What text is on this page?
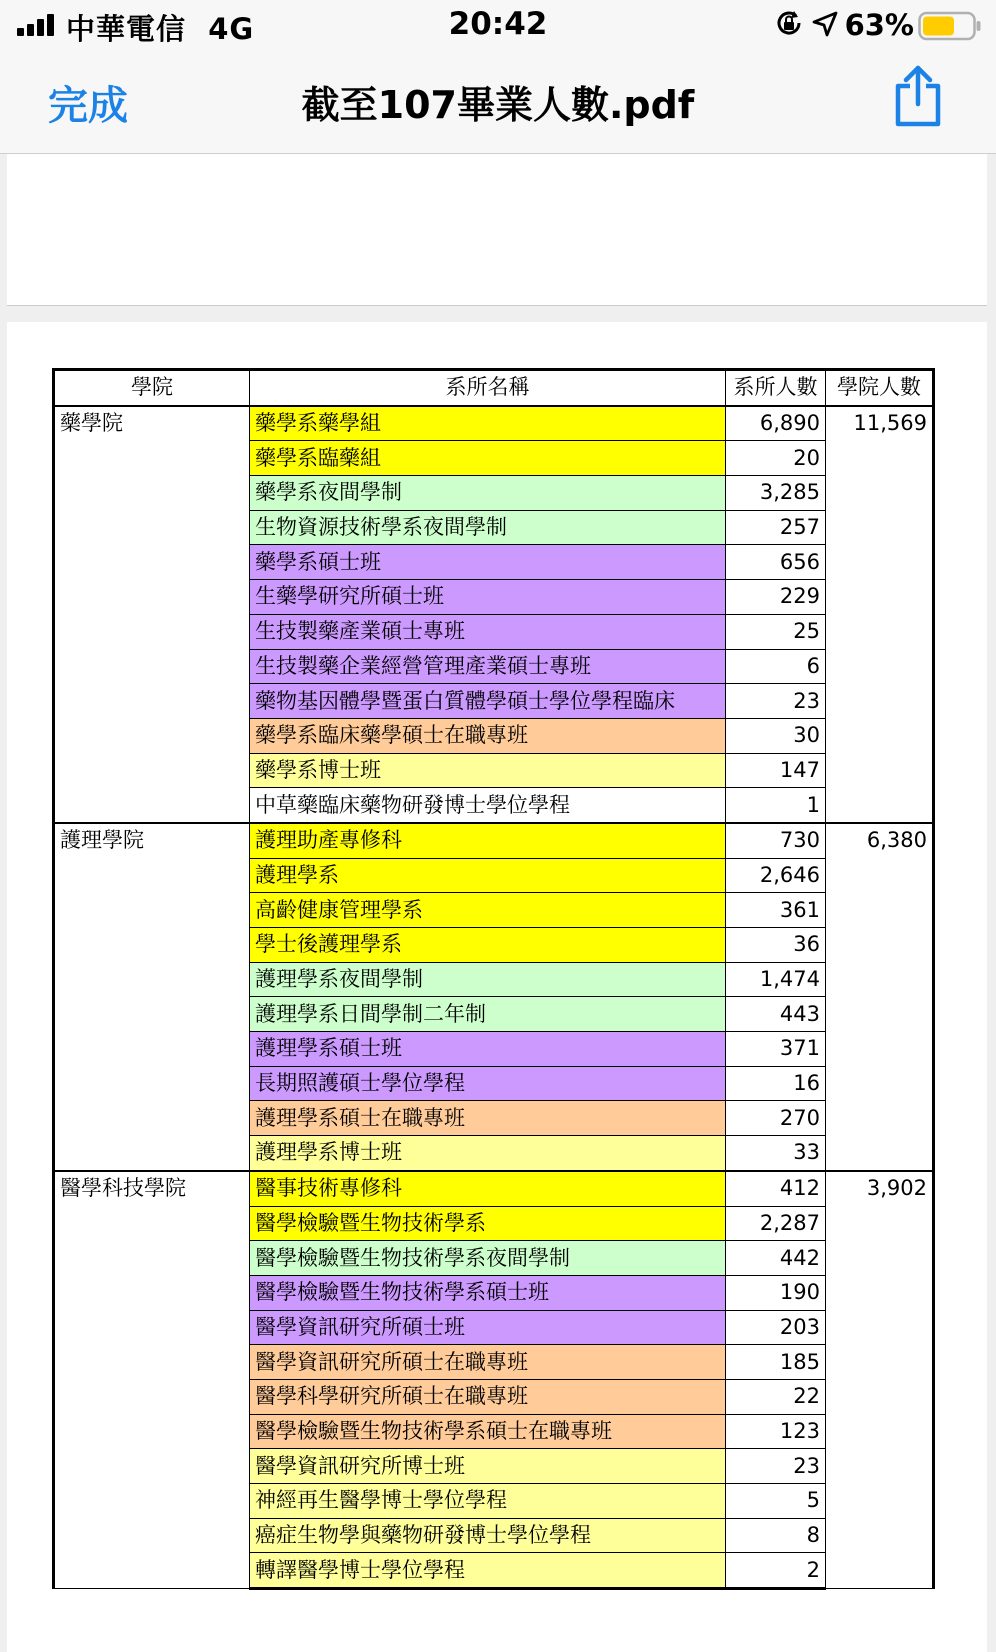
中華電信 4G	20:42	63%
完成	截至107畢業人數.pdf
學院	系所名稱	系所人數	學院人數
藥學院	藥學系藥學組	6,890	11,569
	藥學系臨藥組	20	
	藥學系夜間學制	3,285	
	生物資源技術學系夜間學制	257	
	藥學系碩士班	656	
	生藥學研究所碩士班	229	
	生技製藥產業碩士專班	25	
	生技製藥企業經營管理產業碩士專班	6	
	藥物基因體學暨蛋白質體學碩士學位學程臨床	23	
	藥學系臨床藥學碩士在職專班	30	
	藥學系博士班	147	
	中草藥臨床藥物研發博士學位學程	1	
護理學院	護理助產專修科	730	6,380
	護理學系	2,646	
	高齡健康管理學系	361	
	學士後護理學系	36	
	護理學系夜間學制	1,474	
	護理學系日間學制二年制	443	
	護理學系碩士班	371	
	長期照護碩士學位學程	16	
	護理學系碩士在職專班	270	
	護理學系博士班	33	
醫學科技學院	醫事技術專修科	412	3,902
	醫學檢驗暨生物技術學系	2,287	
	醫學檢驗暨生物技術學系夜間學制	442	
	醫學檢驗暨生物技術學系碩士班	190	
	醫學資訊研究所碩士班	203	
	醫學資訊研究所碩士在職專班	185	
	醫學科學研究所碩士在職專班	22	
	醫學檢驗暨生物技術學系碩士在職專班	123	
	醫學資訊研究所博士班	23	
	神經再生醫學博士學位學程	5	
	癌症生物學與藥物研發博士學位學程	8	
	轉譯醫學博士學位學程	2	
